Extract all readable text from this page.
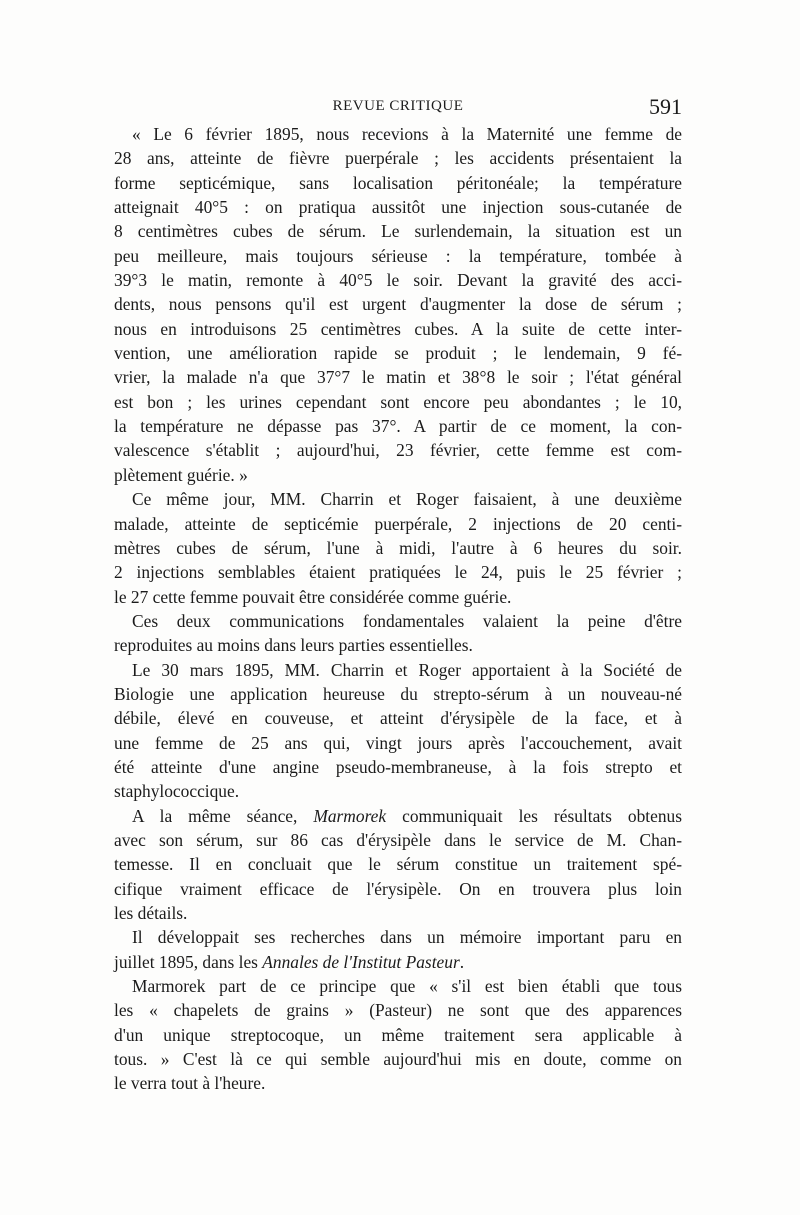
REVUE CRITIQUE	591
« Le 6 février 1895, nous recevions à la Maternité une femme de
28 ans, atteinte de fièvre puerpérale ; les accidents présentaient la
forme septicémique, sans localisation péritonéale; la température
atteignait 40°5 : on pratiqua aussitôt une injection sous-cutanée de
8 centimètres cubes de sérum. Le surlendemain, la situation est un
peu meilleure, mais toujours sérieuse : la température, tombée à
39°3 le matin, remonte à 40°5 le soir. Devant la gravité des acci-
dents, nous pensons qu'il est urgent d'augmenter la dose de sérum ;
nous en introduisons 25 centimètres cubes. A la suite de cette inter-
vention, une amélioration rapide se produit ; le lendemain, 9 fé-
vrier, la malade n'a que 37°7 le matin et 38°8 le soir ; l'état général
est bon ; les urines cependant sont encore peu abondantes ; le 10,
la température ne dépasse pas 37°. A partir de ce moment, la con-
valescence s'établit ; aujourd'hui, 23 février, cette femme est com-
plètement guérie. »
Ce même jour, MM. Charrin et Roger faisaient, à une deuxième
malade, atteinte de septicémie puerpérale, 2 injections de 20 centi-
mètres cubes de sérum, l'une à midi, l'autre à 6 heures du soir.
2 injections semblables étaient pratiquées le 24, puis le 25 février ;
le 27 cette femme pouvait être considérée comme guérie.
Ces deux communications fondamentales valaient la peine d'être
reproduites au moins dans leurs parties essentielles.
Le 30 mars 1895, MM. Charrin et Roger apportaient à la Société de
Biologie une application heureuse du strepto-sérum à un nouveau-né
débile, élevé en couveuse, et atteint d'érysipèle de la face, et à
une femme de 25 ans qui, vingt jours après l'accouchement, avait
été atteinte d'une angine pseudo-membraneuse, à la fois strepto et
staphylococcique.
A la même séance, Marmorek communiquait les résultats obtenus
avec son sérum, sur 86 cas d'érysipèle dans le service de M. Chan-
temesse. Il en concluait que le sérum constitue un traitement spé-
cifique vraiment efficace de l'érysipèle. On en trouvera plus loin
les détails.
Il développait ses recherches dans un mémoire important paru en
juillet 1895, dans les Annales de l'Institut Pasteur.
Marmorek part de ce principe que « s'il est bien établi que tous
les « chapelets de grains » (Pasteur) ne sont que des apparences
d'un unique streptocoque, un même traitement sera applicable à
tous. » C'est là ce qui semble aujourd'hui mis en doute, comme on
le verra tout à l'heure.
